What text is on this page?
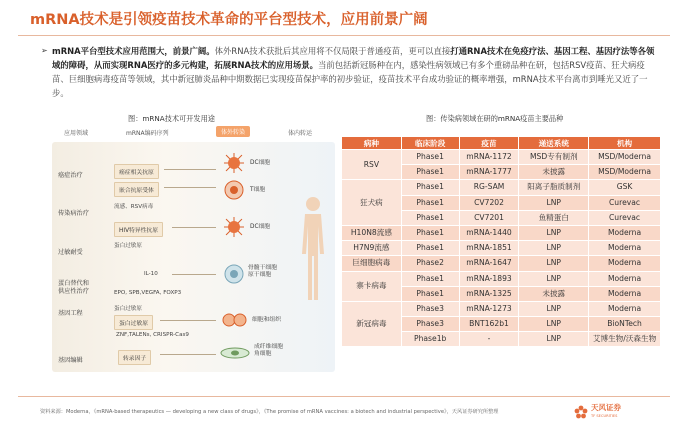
mRNA技术是引领疫苗技术革命的平台型技术，应用前景广阔
➢ mRNA平台型技术应用范围大，前景广阔。体外RNA技术获批后其应用将不仅局限于普通疫苗，更可以直接打通RNA技术在免疫疗法、基因工程、基因疗法等各领域的障碍，从而实现RNA医疗的多元构建，拓展RNA技术的应用场景。当前包括新冠肠种在内，感染性病领域已有多个重磅品种在研，包括RSV疫苗、狂犬病疫苗、巨细胞病毒疫苗等领域，其中新冠肺炎品种中期数据已实现疫苗保护率的初步验证，疫苗技术平台成功验证的概率增强，mRNA技术平台离市到唾光又近了一步。
图：mRNA技术可开发用途	图：传染病领域在研的mRNA疫苗主要品种
应用领域	mRNA编码序列	体外转染	体内转运
癌症治疗
传染病治疗
过敏耐受
蛋白替代和
供应性治疗
基因工程
基因编辑
癌症相关抗原
嵌合抗原受体
流感、RSV病毒
HIV特异性抗原
蛋白过敏原
IL-10
EPO, SPB,VEGFA, FOXP3
蛋白过敏原
蛋白过敏原
ZNF,TALENs, CRISPR-Cas9
转录因子
DC细胞
T细胞
DC细胞
骨髓干细胞
原干细胞
细胞和组织
成纤维细胞
角细胞
病种	临床阶段	疫苗	递送系统	机构
RSV	Phase1	mRNA-1172	MSD专有制剂	MSD/Moderna
	Phase1	mRNA-1777	未披露	MSD/Moderna
狂犬病	Phase1	RG-SAM	阳离子脂质制剂	GSK
	Phase1	CV7202	LNP	Curevac
	Phase1	CV7201	鱼精蛋白	Curevac
H10N8流感	Phase1	mRNA-1440	LNP	Moderna
H7N9流感	Phase1	mRNA-1851	LNP	Moderna
巨细胞病毒	Phase2	mRNA-1647	LNP	Moderna
寨卡病毒	Phase1	mRNA-1893	LNP	Moderna
	Phase1	mRNA-1325	未披露	Moderna
新冠病毒	Phase3	mRNA-1273	LNP	Moderna
	Phase3	BNT162b1	LNP	BioNTech
	Phase1b	-	LNP	艾博生物/沃森生物
资料来源：Moderna，《mRNA-based therapeutics — developing a new class of drugs》，《The promise of mRNA vaccines: a biotech and industrial perspective》，天风证券研究所整理	天风证券
TF SECURITIES
